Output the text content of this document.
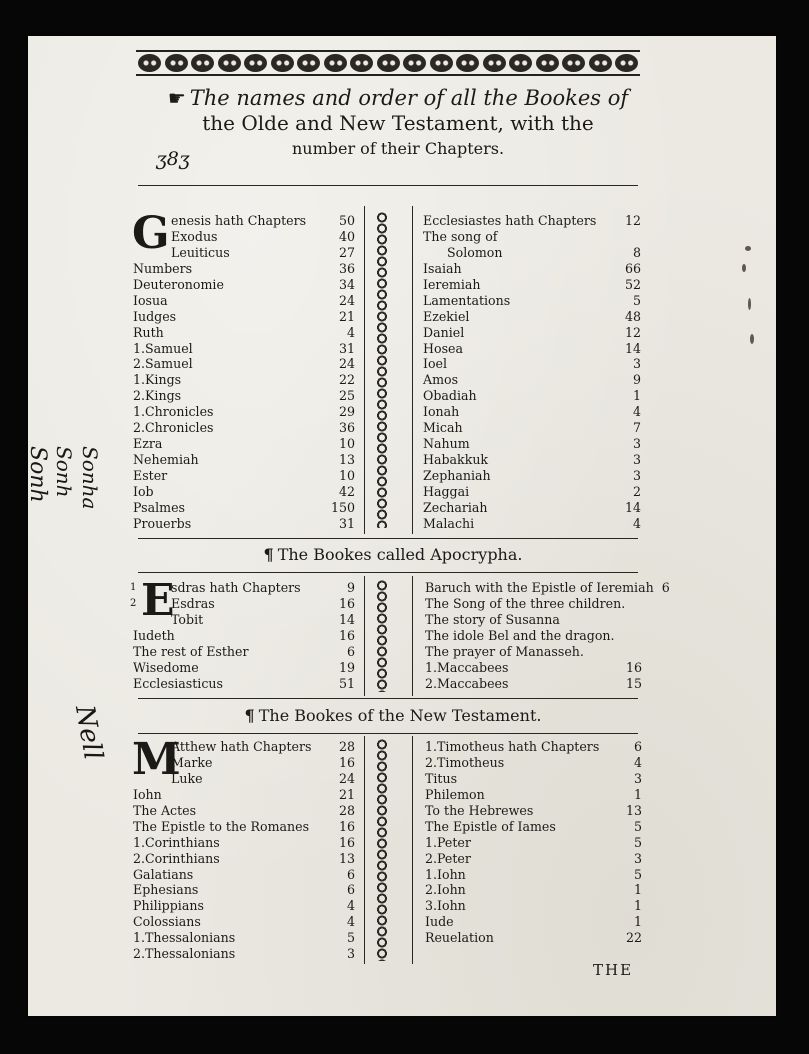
☛ The names and order of all the Bookes of
the Olde and New Testament, with the
number of their Chapters.
G enesis hath Chapters	50
Exodus	40
Leuiticus	27
Numbers	36
Deuteronomie	34
Iosua	24
Iudges	21
Ruth	4
1.Samuel	31
2.Samuel	24
1.Kings	22
2.Kings	25
1.Chronicles	29
2.Chronicles	36
Ezra	10
Nehemiah	13
Ester	10
Iob	42
Psalmes	150
Prouerbs	31
Ecclesiastes hath Chapters 12
The song of
Solomon	8
Isaiah	66
Ieremiah	52
Lamentations	5
Ezekiel	48
Daniel	12
Hosea	14
Ioel	3
Amos	9
Obadiah	1
Ionah	4
Micah	7
Nahum	3
Habakkuk	3
Zephaniah	3
Haggai	2
Zechariah	14
Malachi	4
¶ The Bookes called Apocrypha.
1
2 E
sdras hath Chapters	9
Esdras	16
Tobit	14
Iudeth	16
The rest of Esther	6
Wisedome	19
Ecclesiasticus	51
Baruch with the Epistle of Ieremiah 6
The Song of the three children.
The story of Susanna
The idole Bel and the dragon.
The prayer of Manasseh.
1.Maccabees	16
2.Maccabees	15
¶ The Bookes of the New Testament.
M
Atthew hath Chapters 28
Marke	16
Luke	24
Iohn	21
The Actes	28
The Epistle to the Romanes 16
1.Corinthians	16
2.Corinthians	13
Galatians	6
Ephesians	6
Philippians	4
Colossians	4
1.Thessalonians	5
2.Thessalonians	3
1.Timotheus hath Chapters	6
2.Timotheus	4
Titus	3
Philemon	1
To the Hebrewes	13
The Epistle of Iames	5
1.Peter	5
2.Peter	3
1.Iohn	5
2.Iohn	1
3.Iohn	1
Iude	1
Reuelation	22
THE
ʒ8ʒ
Sonh Sonh Sonha
Nell
